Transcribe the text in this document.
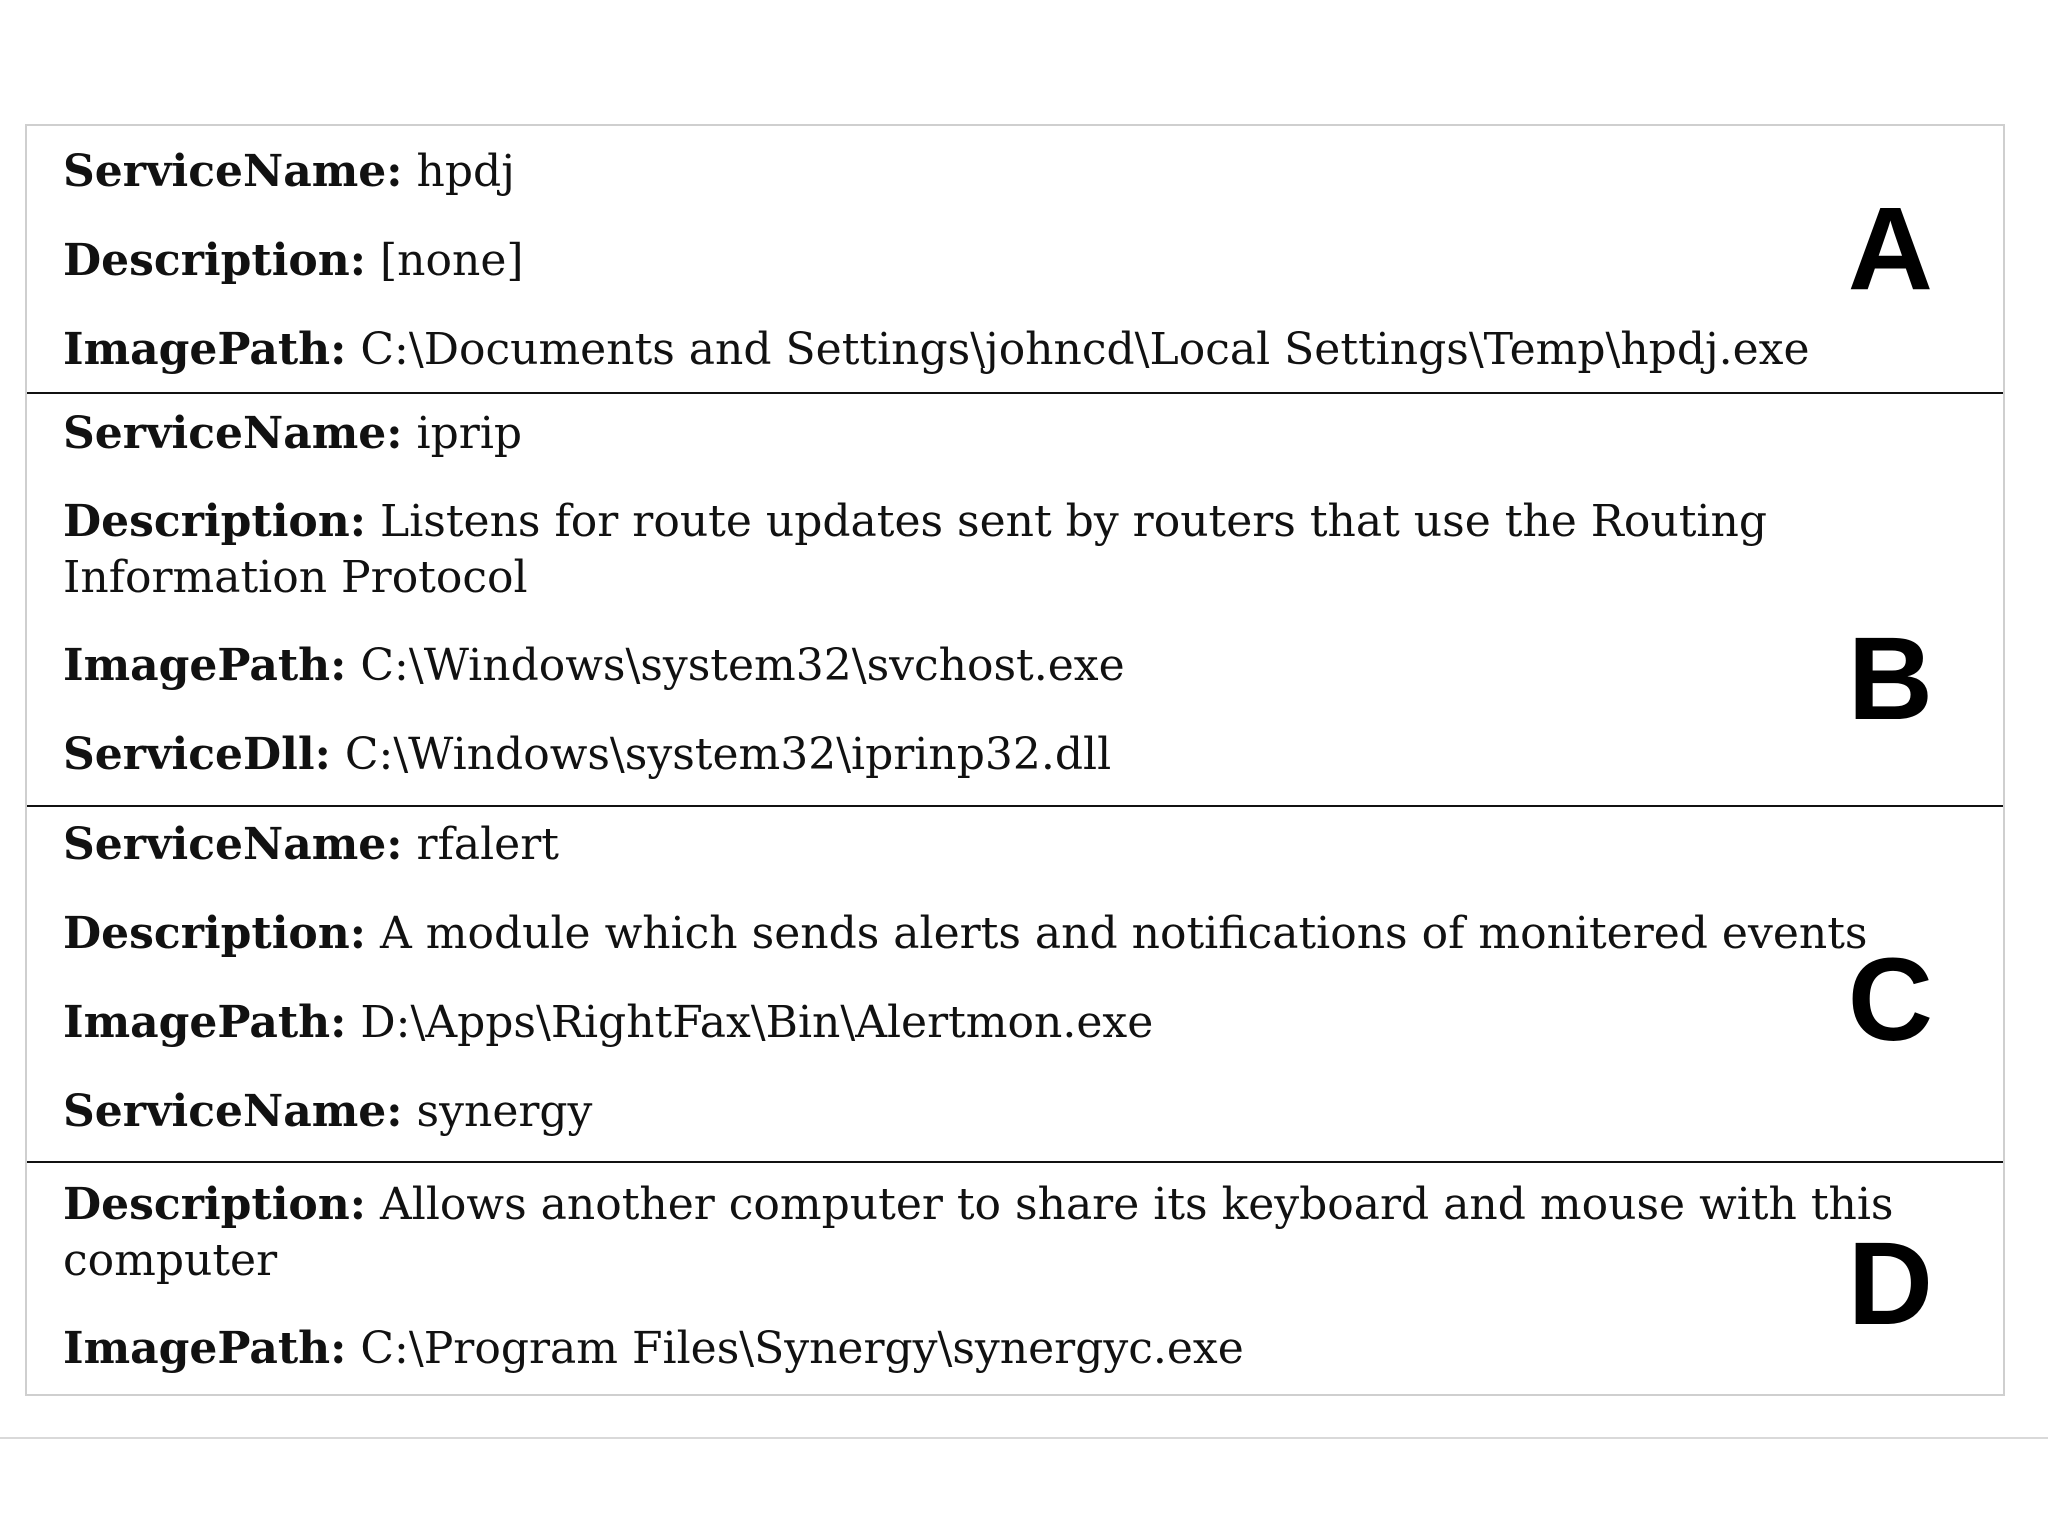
ServiceName: hpdj
Description: [none]
ImagePath: C:\Documents and Settings\johncd\Local Settings\Temp\hpdj.exe
A
ServiceName: iprip
Description: Listens for route updates sent by routers that use the Routing Information Protocol
ImagePath: C:\Windows\system32\svchost.exe
ServiceDll: C:\Windows\system32\iprinp32.dll
B
ServiceName: rfalert
Description: A module which sends alerts and notifications of monitered events
ImagePath: D:\Apps\RightFax\Bin\Alertmon.exe
ServiceName: synergy
C
Description: Allows another computer to share its keyboard and mouse with this computer
ImagePath: C:\Program Files\Synergy\synergyc.exe	D
